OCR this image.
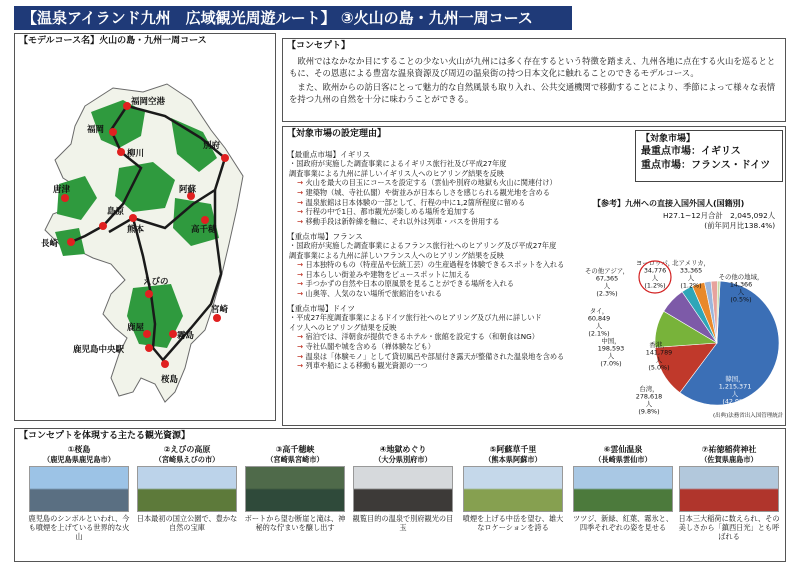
【温泉アイランド九州　広域観光周遊ルート】 ③火山の島・九州一周コース
【モデルコース名】火山の島・九州一周コース
福岡空港
福岡
柳川
別府
唐津
島原
阿蘇
高千穂
長崎
熊本
えびの
宮崎
鹿屋
鹿児島中央駅
霧島
桜島
【コンセプト】

欧州ではなかなか目にすることの少ない火山が九州には多く存在するという特徴を踏まえ、九州各地に点在する火山を巡るとともに、その恩恵による豊富な温泉資源及び周辺の温泉街の持つ日本文化に触れることのできるモデルコース。

また、欧州からの訪日客にとって魅力的な自然風景も取り入れ、公共交通機関で移動することにより、季節によって様々な表情を持つ九州の自然を十分に味わうことができる。

【対象市場の設定理由】
【最重点市場】イギリス
・国政府が実施した調査事業によるイギリス旅行社及び平成27年度
調査事業による九州に詳しいイギリス人へのヒアリング結果を反映
→ 火山を最大の目玉にコースを設定する（雲仙や別府の地獄も火山に関連付け）
→ 建築物（城、寺社仏閣）や街並みが日本らしさを感じられる観光地を含める
→ 温泉旅館は日本体験の一部として、行程の中に1,2箇所程度に留める
→ 行程の中で1日、都市観光が楽しめる場所を追加する
→ 移動手段は新幹線を軸に、それ以外は列車・バスを併用する
【重点市場】フランス
・国政府が実施した調査事業によるフランス旅行社へのヒアリング及び平成27年度
調査事業による九州に詳しいフランス人へのヒアリング結果を反映
→ 日本独特のもの（特産品や伝統工芸）の生産過程を体験できるスポットを入れる
→ 日本らしい街並みや建物をピュースポットに加える
→ 手つかずの自然や日本の原風景を見ることができる場所を入れる
→ 山奥等、人気のない場所で旅館泊をいれる
【重点市場】ドイツ
・平成27年度調査事業によるドイツ旅行社へのヒアリング及び九州に詳しいド
イツ人へのヒアリング結果を反映
→ 宿泊では、洋朝食が提供できるホテル・旅館を設定する（和朝食はNG）
→ 寺社仏閣や城を含める（禅体験なども）
→ 温泉は「体験モノ」として貸切風呂や部屋付き露天が整備された温泉地を含める
→ 列車や船による移動も観光資源の一つ
【対象市場】
最重点市場：イギリス
重点市場：フランス・ドイツ
【参考】九州への直接入国外国人(国籍別)
H27.1~12月合計　2,045,092人
(前年同月比138.4%)
韓国， 1,215,371 人(42.9%)
台湾， 278,618 人(9.8%)
中国， 198,593 人(7.0%)
香港， 141,789 人(5.0%)
タイ， 60,849 人(2.1%)
その他アジア， 67,365 人(2.3%)
ヨーロッパ， 34,776 人(1.2%)
北アメリカ， 33,365 人(1.2%)
その他の地域， 14,366 人(0.5%)
(出典)法務省出入国管理統計
【コンセプトを体現する主たる観光資源】
①桜島
（鹿児島県鹿児島市）
鹿児島のシンボルといわれ、今も噴煙を上げている世界的な火山
②えびの高原
（宮崎県えびの市）
日本最初の国立公園で、豊かな自然の宝庫
③高千穂峡
（宮崎県宮崎市）
ボートから望む断崖と滝は、神秘的な佇まいを醸し出す
④地獄めぐり
（大分県別府市）
観覧目的の温泉で別府観光の目玉
⑤阿蘇草千里
（熊本県阿蘇市）
噴煙を上げる中岳を望む、雄大なロケーションを誇る
⑥雲仙温泉
（長崎県雲仙市）
ツツジ、新緑、紅葉、霧氷と、四季それぞれの姿を見せる
⑦祐徳稲荷神社
（佐賀県鹿島市）
日本三大稲荷に数えられ、その美しさから「鎮西日光」とも呼ばれる
